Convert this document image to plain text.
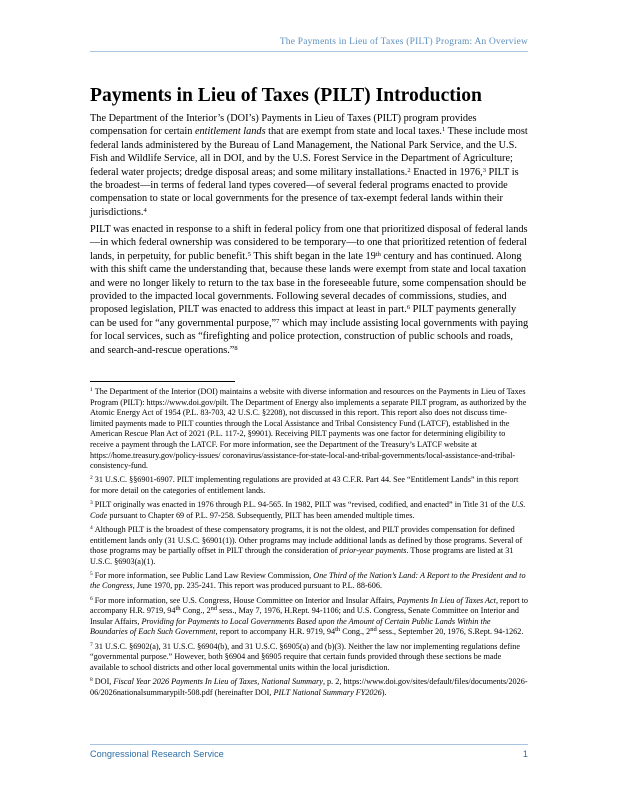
The Payments in Lieu of Taxes (PILT) Program: An Overview
Payments in Lieu of Taxes (PILT) Introduction

The Department of the Interior’s (DOI’s) Payments in Lieu of Taxes (PILT) program provides compensation for certain entitlement lands that are exempt from state and local taxes.$^1$ These include most federal lands administered by the Bureau of Land Management, the National Park Service, and the U.S. Fish and Wildlife Service, all in DOI, and by the U.S. Forest Service in the Department of Agriculture; federal water projects; dredge disposal areas; and some military installations.$^2$ Enacted in 1976,$^3$ PILT is the broadest—in terms of federal land types covered—of several federal programs enacted to provide compensation to state or local governments for the presence of tax-exempt federal lands within their jurisdictions.$^4$

PILT was enacted in response to a shift in federal policy from one that prioritized disposal of federal lands—in which federal ownership was considered to be temporary—to one that prioritized retention of federal lands, in perpetuity, for public benefit.$^5$ This shift began in the late 19th century and has continued. Along with this shift came the understanding that, because these lands were exempt from state and local taxation and were no longer likely to return to the tax base in the foreseeable future, some compensation should be provided to the impacted local governments. Following several decades of commissions, studies, and proposed legislation, PILT was enacted to address this impact at least in part.$^6$ PILT payments generally can be used for “any governmental purpose,”$^7$ which may include assisting local governments with paying for local services, such as “firefighting and police protection, construction of public schools and roads, and search-and-rescue operations.”$^8$

$^1$ The Department of the Interior (DOI) maintains a website with diverse information and resources on the Payments in Lieu of Taxes Program (PILT): https://www.doi.gov/pilt. The Department of Energy also implements a separate PILT program, as authorized by the Atomic Energy Act of 1954 (P.L. 83-703, 42 U.S.C. §2208), not discussed in this report. This report also does not discuss time-limited payments made to PILT counties through the Local Assistance and Tribal Consistency Fund (LATCF), established in the American Rescue Plan Act of 2021 (P.L. 117-2, §9901). Receiving PILT payments was one factor for determining eligibility to receive a payment through the LATCF. For more information, see the Department of the Treasury’s LATCF website at https://home.treasury.gov/policy-issues/ coronavirus/assistance-for-state-local-and-tribal-governments/local-assistance-and-tribal-consistency-fund.

$^2$ 31 U.S.C. §§6901-6907. PILT implementing regulations are provided at 43 C.F.R. Part 44. See “Entitlement Lands” in this report for more detail on the categories of entitlement lands.

$^3$ PILT originally was enacted in 1976 through P.L. 94-565. In 1982, PILT was “revised, codified, and enacted” in Title 31 of the U.S. Code pursuant to Chapter 69 of P.L. 97-258. Subsequently, PILT has been amended multiple times.

$^4$ Although PILT is the broadest of these compensatory programs, it is not the oldest, and PILT provides compensation for defined entitlement lands only (31 U.S.C. §6901(1)). Other programs may include additional lands as defined by those programs. Several of those programs may be partially offset in PILT through the consideration of prior-year payments. Those programs are listed at 31 U.S.C. §6903(a)(1).

$^5$ For more information, see Public Land Law Review Commission, One Third of the Nation’s Land: A Report to the President and to the Congress, June 1970, pp. 235-241. This report was produced pursuant to P.L. 88-606.

$^6$ For more information, see U.S. Congress, House Committee on Interior and Insular Affairs, Payments In Lieu of Taxes Act, report to accompany H.R. 9719, 94th Cong., 2nd sess., May 7, 1976, H.Rept. 94-1106; and U.S. Congress, Senate Committee on Interior and Insular Affairs, Providing for Payments to Local Governments Based upon the Amount of Certain Public Lands Within the Boundaries of Each Such Government, report to accompany H.R. 9719, 94th Cong., 2nd sess., September 20, 1976, S.Rept. 94-1262.

$^7$ 31 U.S.C. §6902(a), 31 U.S.C. §6904(b), and 31 U.S.C. §6905(a) and (b)(3). Neither the law nor implementing regulations define “governmental purpose.” However, both §6904 and §6905 require that certain funds provided through these sections be made available to school districts and other local governmental units within the local jurisdiction.

$^8$ DOI, Fiscal Year 2026 Payments In Lieu of Taxes, National Summary, p. 2, https://www.doi.gov/sites/default/files/documents/2026-06/2026nationalsummarypilt-508.pdf (hereinafter DOI, PILT National Summary FY2026).

Congressional Research Service	1
